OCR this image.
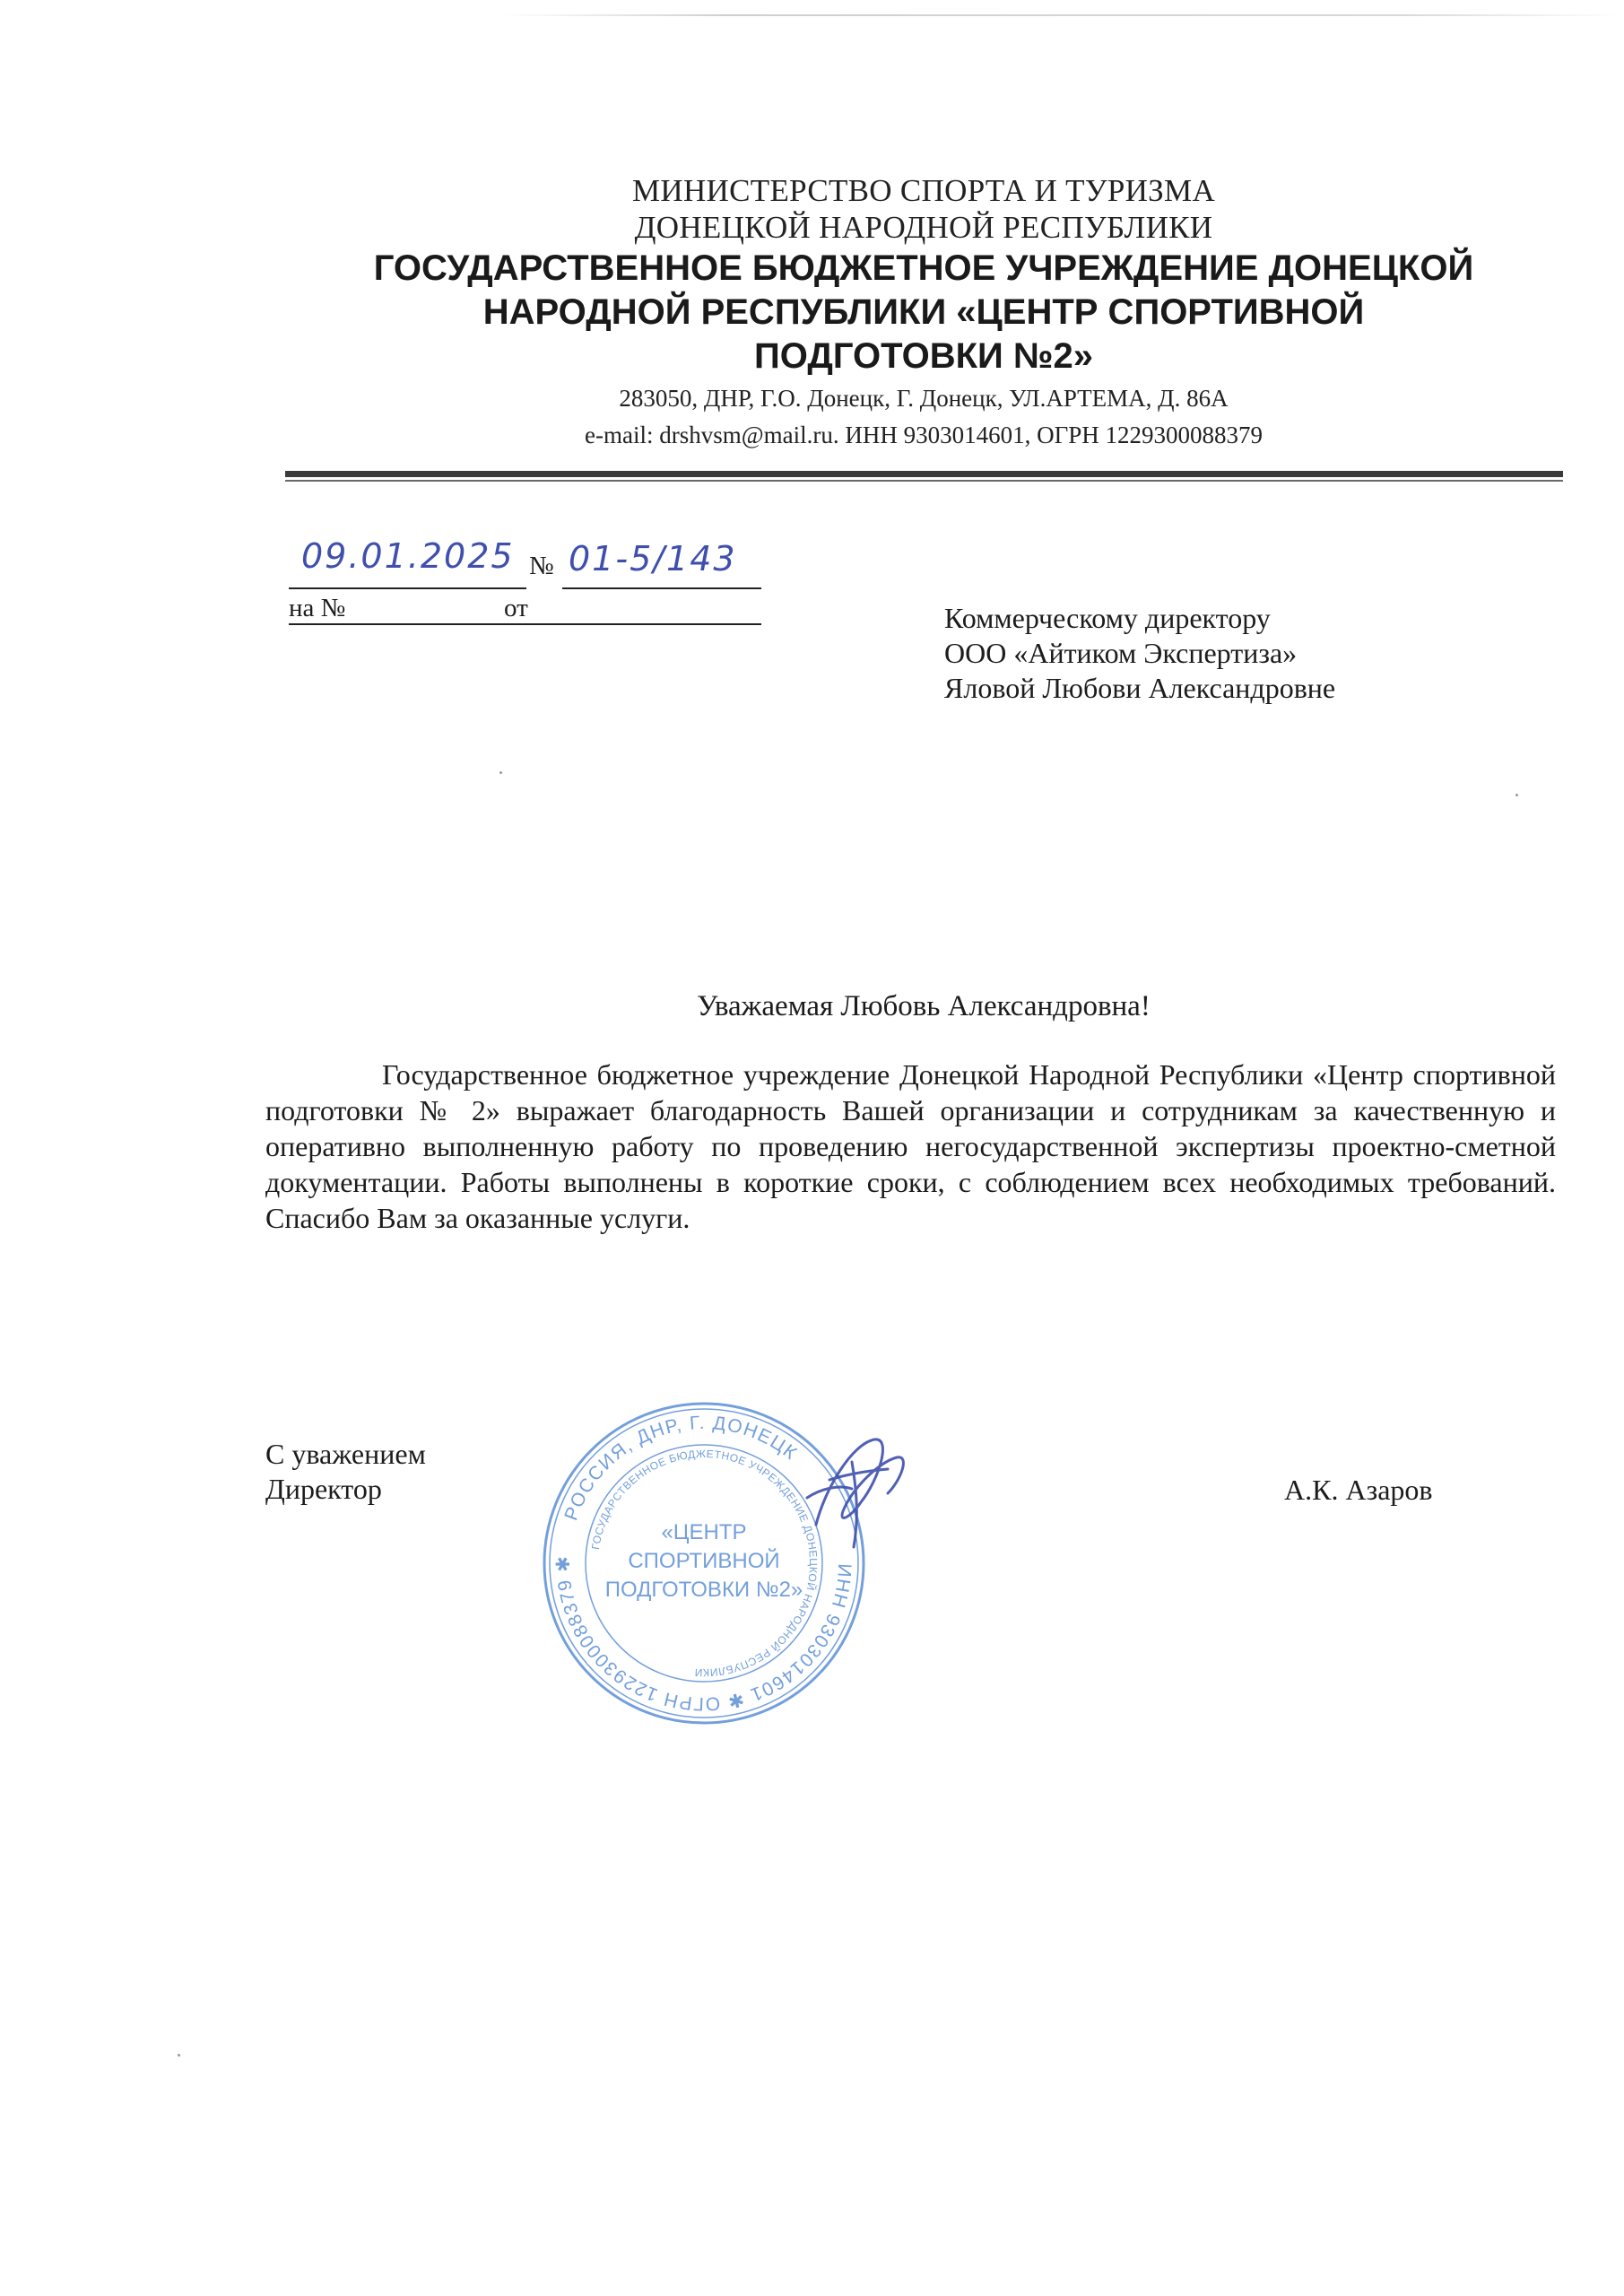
МИНИСТЕРСТВО СПОРТА И ТУРИЗМА
ДОНЕЦКОЙ НАРОДНОЙ РЕСПУБЛИКИ
ГОСУДАРСТВЕННОЕ БЮДЖЕТНОЕ УЧРЕЖДЕНИЕ ДОНЕЦКОЙ
НАРОДНОЙ РЕСПУБЛИКИ «ЦЕНТР СПОРТИВНОЙ
ПОДГОТОВКИ №2»
283050, ДНР, Г.О. Донецк, Г. Донецк, УЛ.АРТЕМА, Д. 86А
e-mail: drshvsm@mail.ru. ИНН 9303014601, ОГРН 1229300088379
09.01.2025 № 01-5/143
на №	от	Коммерческому директору
ООО «Айтиком Экспертиза»
Яловой Любови Александровне
Уважаемая Любовь Александровна!
Государственное бюджетное учреждение Донецкой Народной Республики «Центр спортивной подготовки № 2» выражает благодарность Вашей организации и сотрудникам за качественную и оперативно выполненную работу по проведению негосударственной экспертизы проектно-сметной документации. Работы выполнены в короткие сроки, с соблюдением всех необходимых требований. Спасибо Вам за оказанные услуги.
С уважением
Директор	А.К. Азаров
РОССИЯ, ДНР, Г. ДОНЕЦК
ИНН 9303014601 ✱ ОГРН 1229300088379 ✱
ГОСУДАРСТВЕННОЕ БЮДЖЕТНОЕ УЧРЕЖДЕНИЕ ДОНЕЦКОЙ НАРОДНОЙ РЕСПУБЛИКИ
«ЦЕНТР
СПОРТИВНОЙ
ПОДГОТОВКИ №2»
